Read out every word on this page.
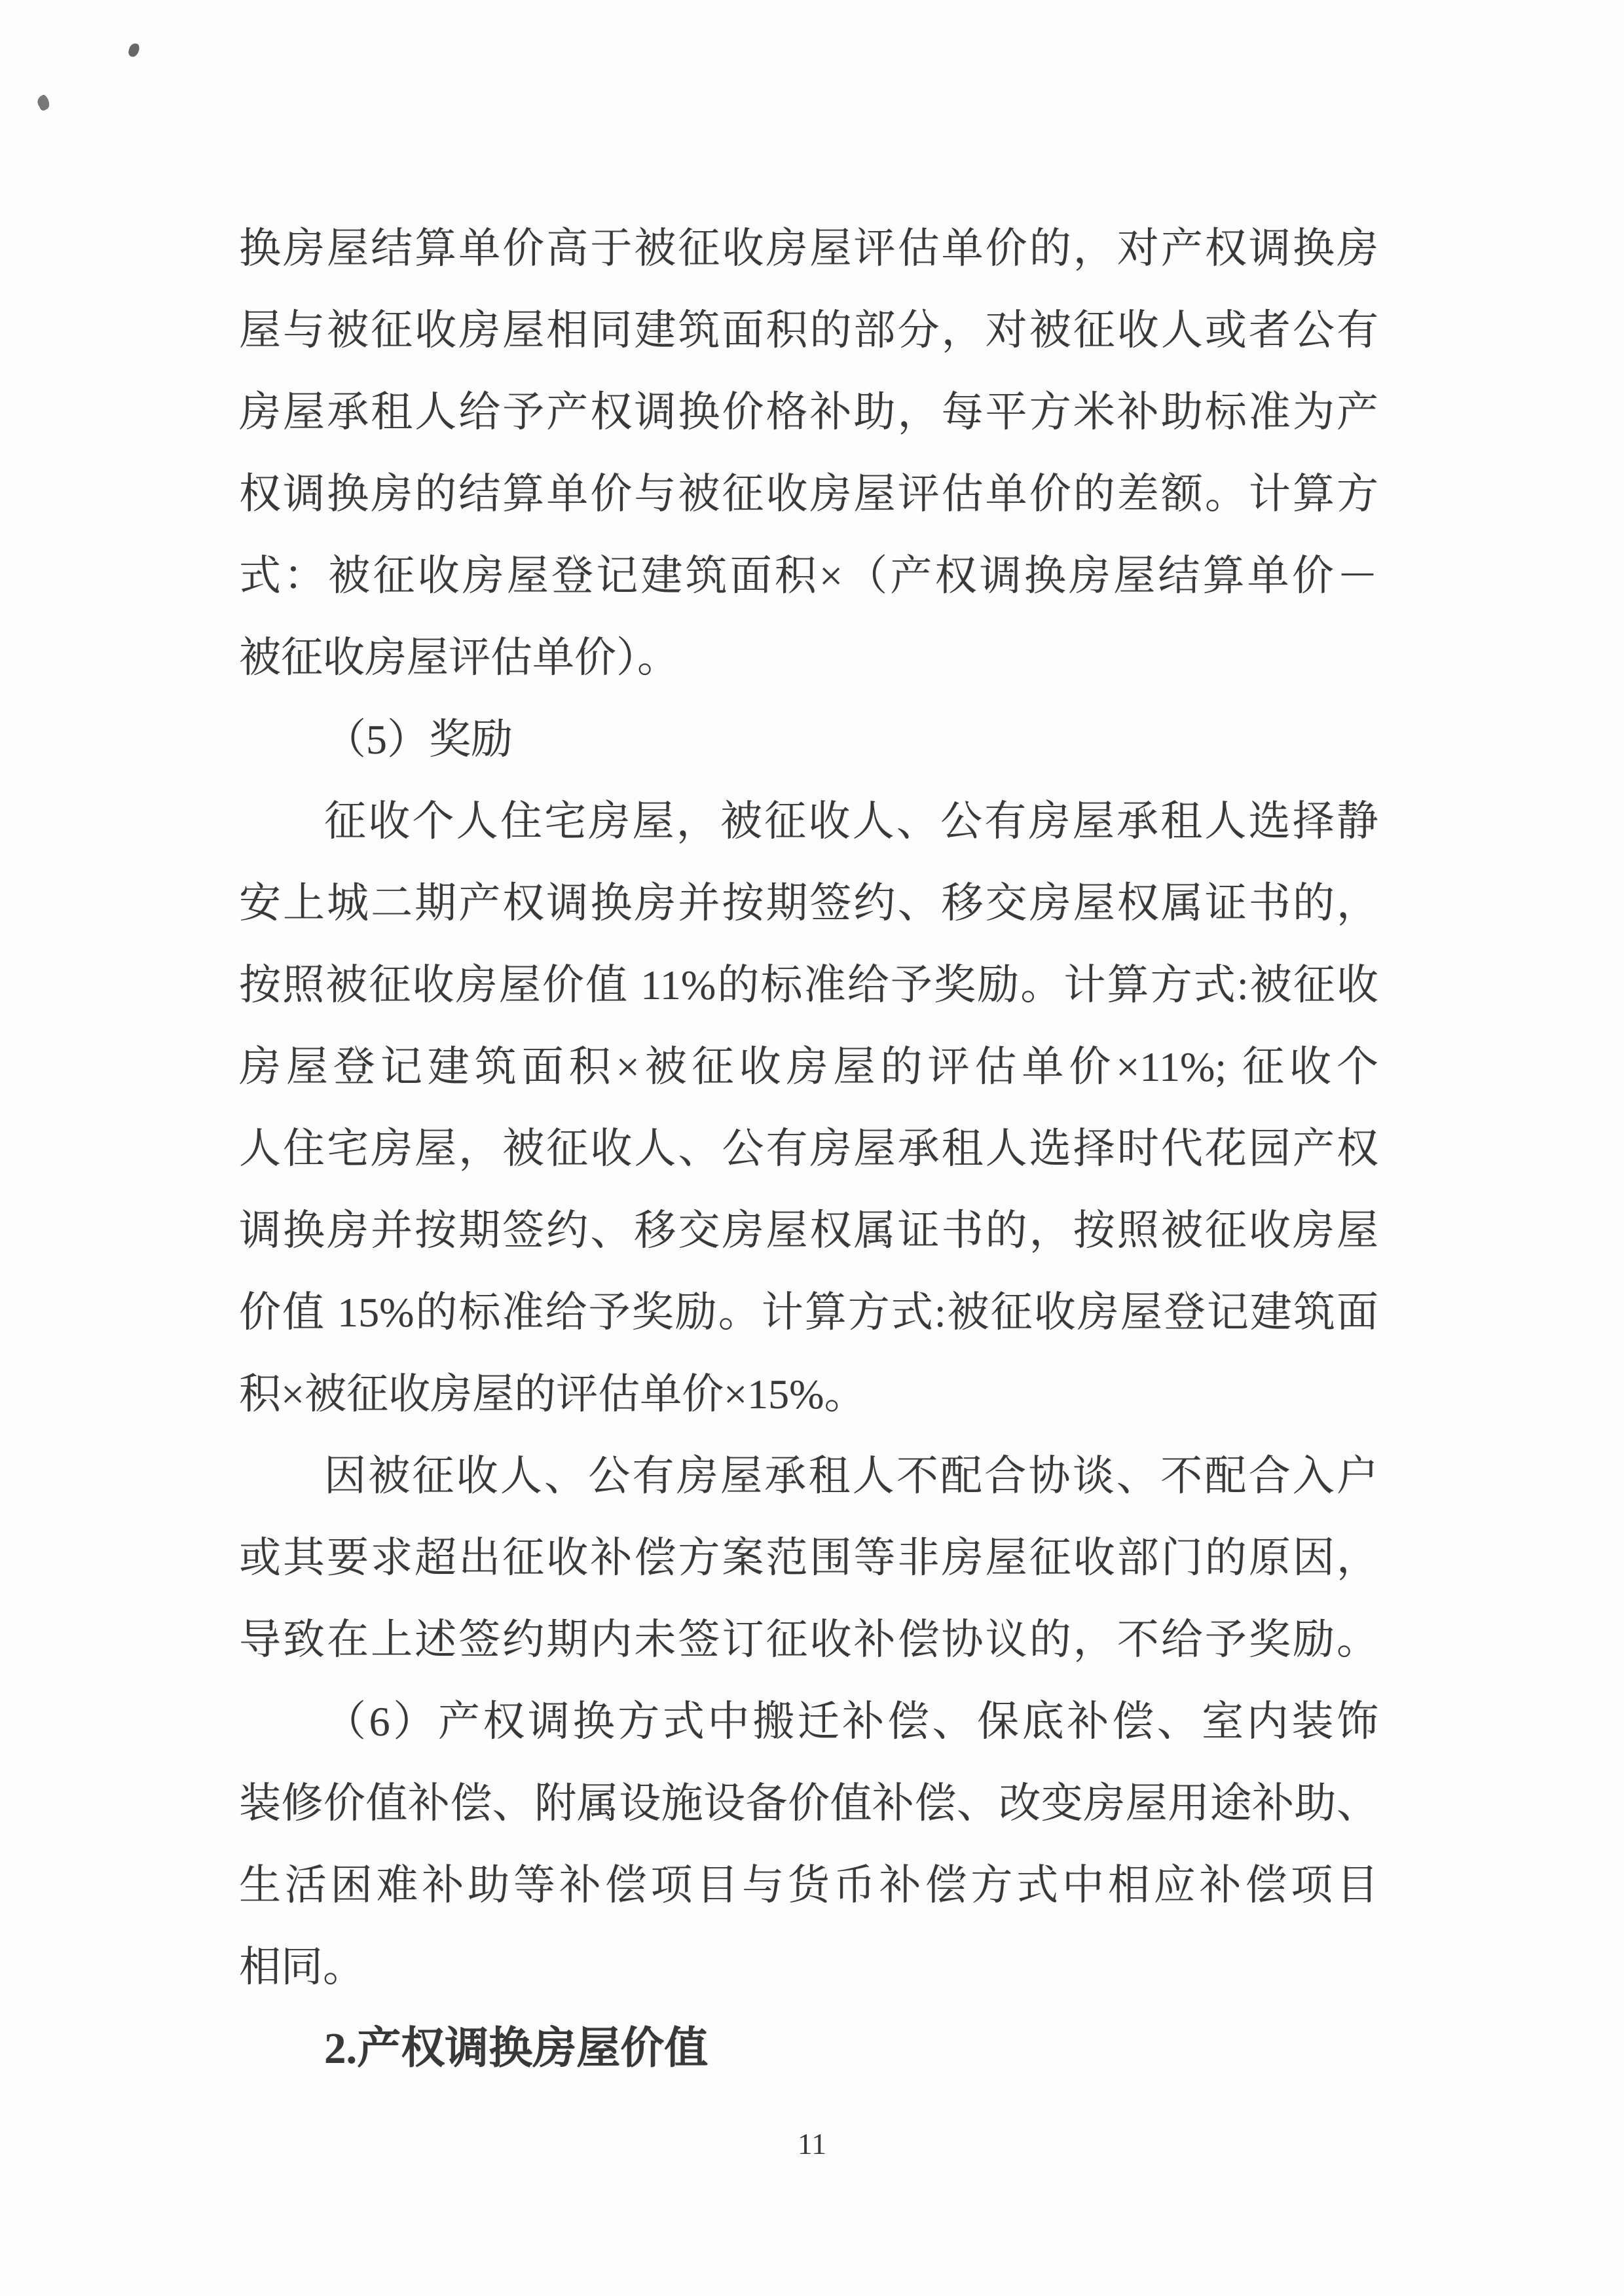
换房屋结算单价高于被征收房屋评估单价的，对产权调换房

屋与被征收房屋相同建筑面积的部分，对被征收人或者公有

房屋承租人给予产权调换价格补助，每平方米补助标准为产

权调换房的结算单价与被征收房屋评估单价的差额。计算方

式：被征收房屋登记建筑面积×（产权调换房屋结算单价－

被征收房屋评估单价）。

（5）奖励

征收个人住宅房屋，被征收人、公有房屋承租人选择静

安上城二期产权调换房并按期签约、移交房屋权属证书的，

按照被征收房屋价值 11%的标准给予奖励。计算方式:被征收

房屋登记建筑面积×被征收房屋的评估单价×11%; 征收个

人住宅房屋，被征收人、公有房屋承租人选择时代花园产权

调换房并按期签约、移交房屋权属证书的，按照被征收房屋

价值 15%的标准给予奖励。计算方式:被征收房屋登记建筑面

积×被征收房屋的评估单价×15%。

因被征收人、公有房屋承租人不配合协谈、不配合入户

或其要求超出征收补偿方案范围等非房屋征收部门的原因，

导致在上述签约期内未签订征收补偿协议的，不给予奖励。

（6）产权调换方式中搬迁补偿、保底补偿、室内装饰

装修价值补偿、附属设施设备价值补偿、改变房屋用途补助、

生活困难补助等补偿项目与货币补偿方式中相应补偿项目

相同。

2.产权调换房屋价值

11
